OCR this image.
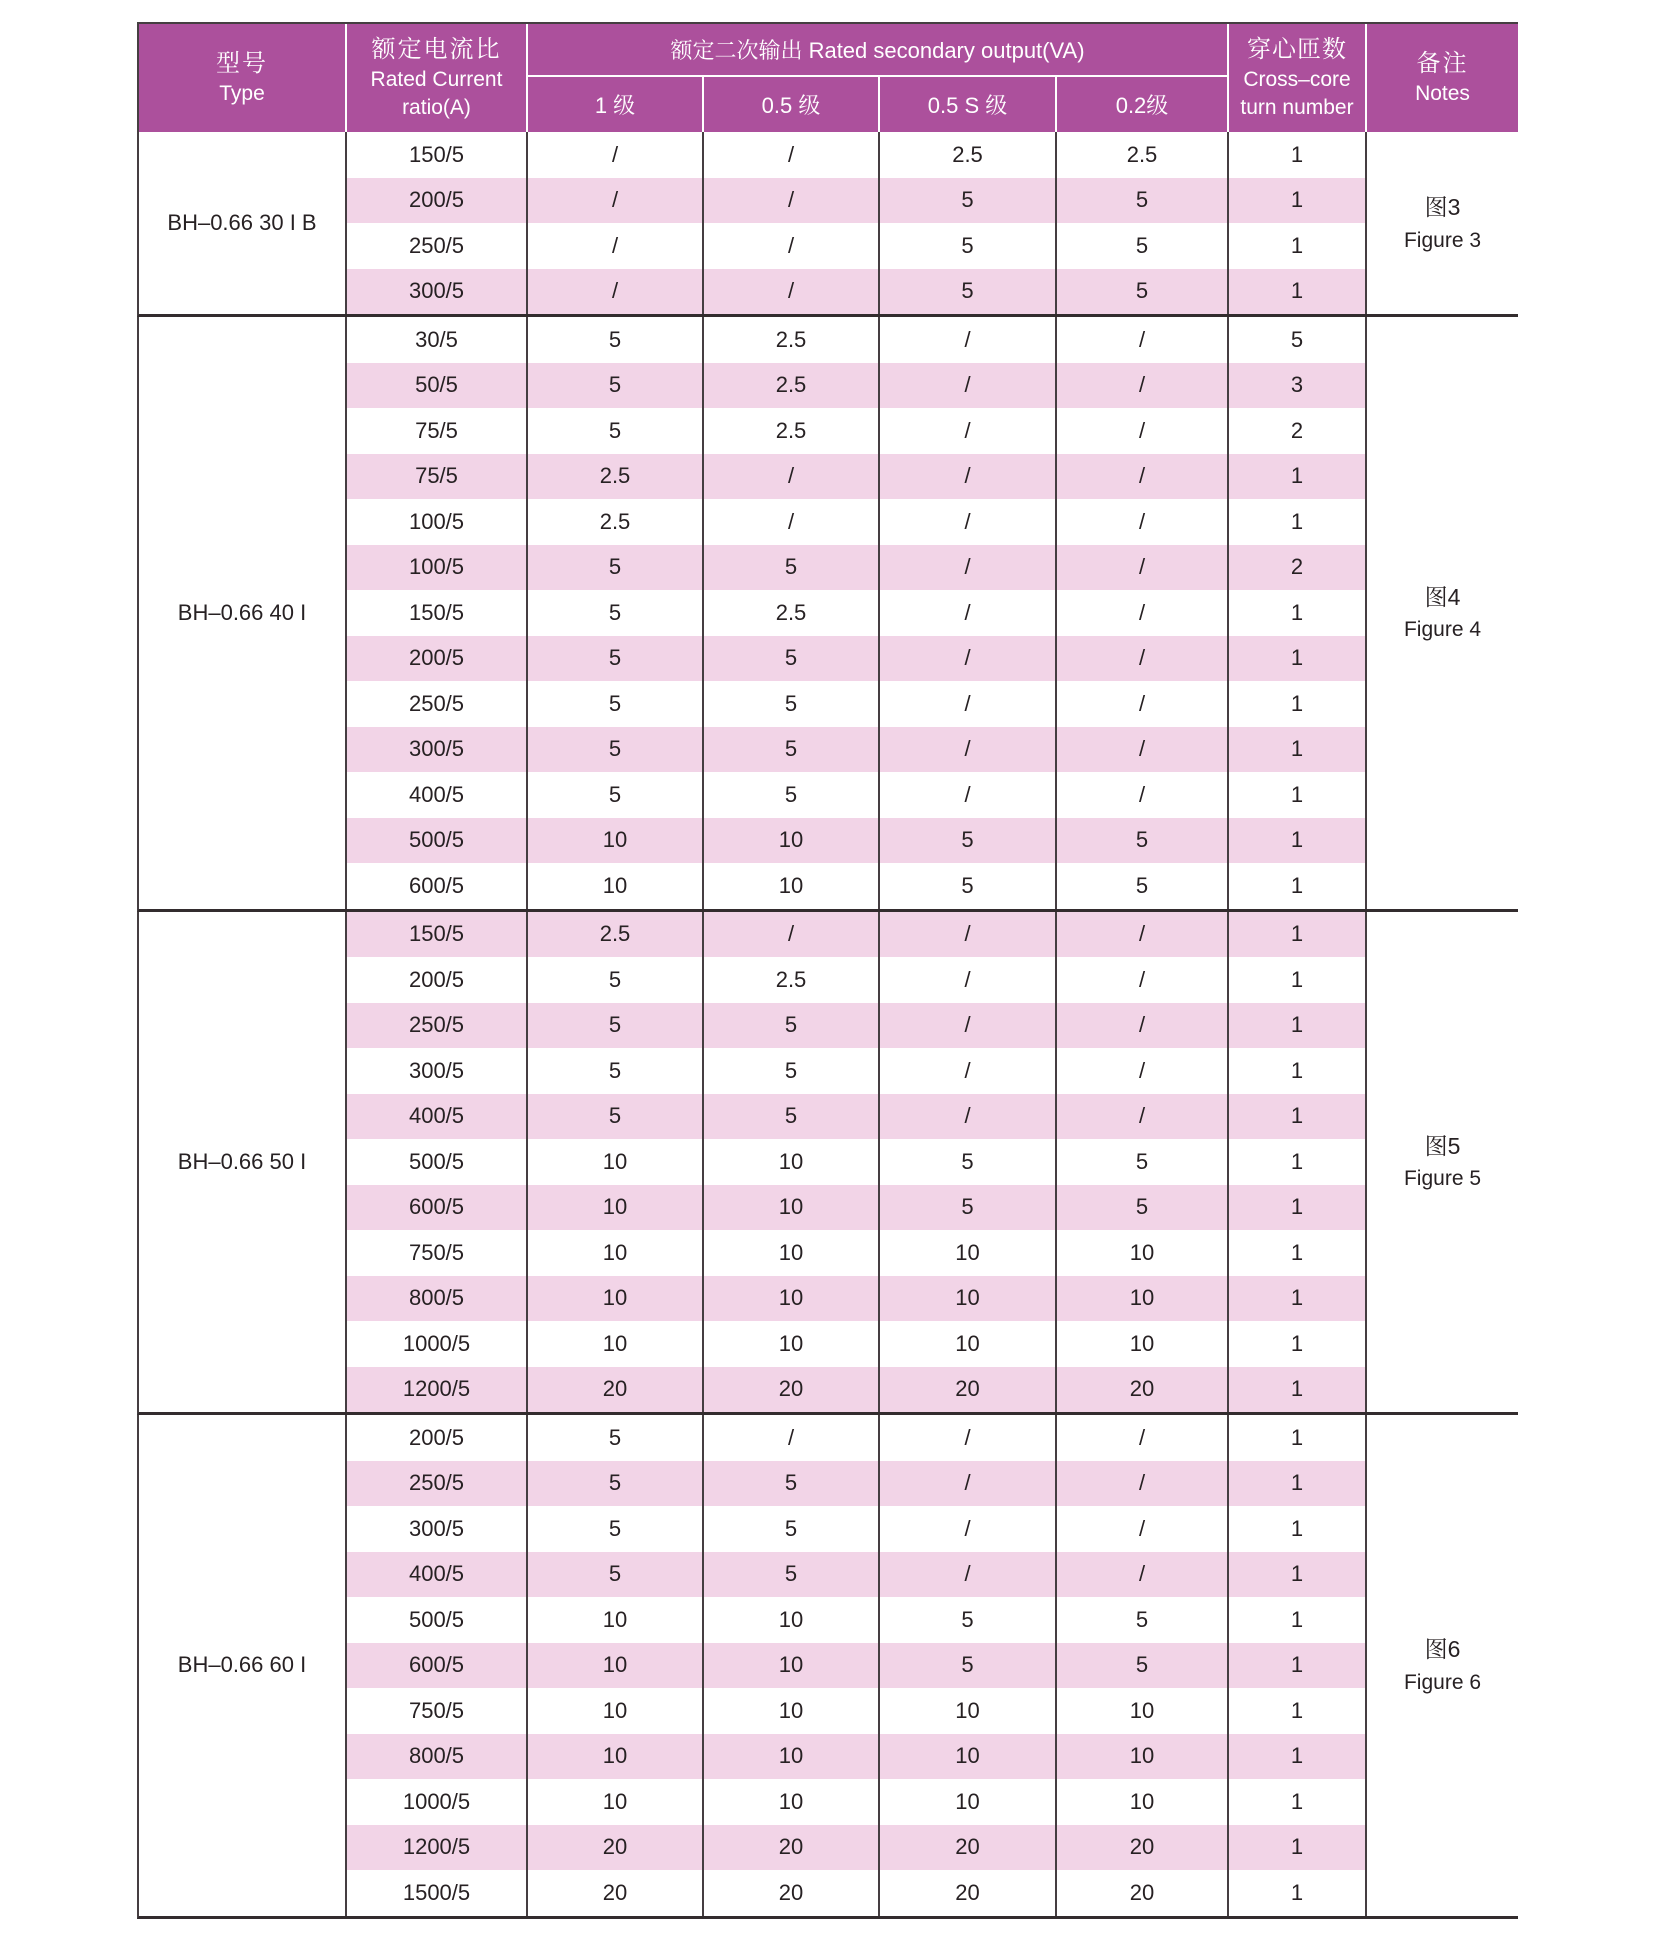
型号
Type
额定电流比
Rated Current
ratio(A)
额定二次输出 Rated secondary output(VA)
1 级	0.5 级	0.5 S 级	0.2级
穿心匝数
Cross–core
turn number
备注
Notes
BH–0.66 30 I B
150/5	/	/	2.5	2.5	1
200/5	/	/	5	5	1
250/5	/	/	5	5	1
300/5	/	/	5	5	1
图3
Figure 3
BH–0.66 40 I
30/5	5	2.5	/	/	5
50/5	5	2.5	/	/	3
75/5	5	2.5	/	/	2
75/5	2.5	/	/	/	1
100/5	2.5	/	/	/	1
100/5	5	5	/	/	2
150/5	5	2.5	/	/	1
200/5	5	5	/	/	1
250/5	5	5	/	/	1
300/5	5	5	/	/	1
400/5	5	5	/	/	1
500/5	10	10	5	5	1
600/5	10	10	5	5	1
图4
Figure 4
BH–0.66 50 I
150/5	2.5	/	/	/	1
200/5	5	2.5	/	/	1
250/5	5	5	/	/	1
300/5	5	5	/	/	1
400/5	5	5	/	/	1
500/5	10	10	5	5	1
600/5	10	10	5	5	1
750/5	10	10	10	10	1
800/5	10	10	10	10	1
1000/5	10	10	10	10	1
1200/5	20	20	20	20	1
图5
Figure 5
BH–0.66 60 I
200/5	5	/	/	/	1
250/5	5	5	/	/	1
300/5	5	5	/	/	1
400/5	5	5	/	/	1
500/5	10	10	5	5	1
600/5	10	10	5	5	1
750/5	10	10	10	10	1
800/5	10	10	10	10	1
1000/5	10	10	10	10	1
1200/5	20	20	20	20	1
1500/5	20	20	20	20	1
图6
Figure 6
